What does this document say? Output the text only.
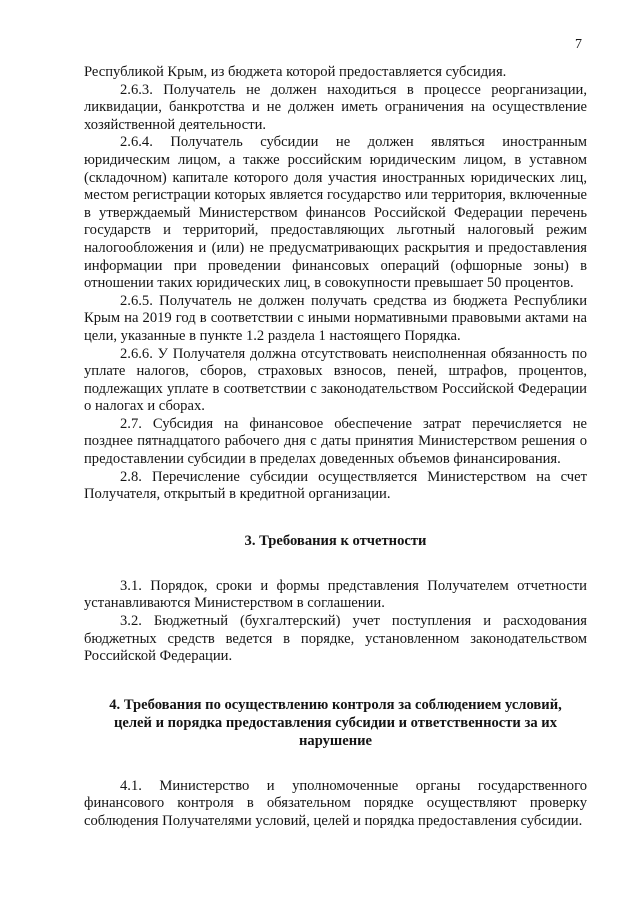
7

Республикой Крым, из бюджета которой предоставляется субсидия.

2.6.3. Получатель не должен находиться в процессе реорганизации, ликвидации, банкротства и не должен иметь ограничения на осуществление хозяйственной деятельности.

2.6.4. Получатель субсидии не должен являться иностранным юридическим лицом, а также российским юридическим лицом, в уставном (складочном) капитале которого доля участия иностранных юридических лиц, местом регистрации которых является государство или территория, включенные в утверждаемый Министерством финансов Российской Федерации перечень государств и территорий, предоставляющих льготный налоговый режим налогообложения и (или) не предусматривающих раскрытия и предоставления информации при проведении финансовых операций (офшорные зоны) в отношении таких юридических лиц, в совокупности превышает 50 процентов.

2.6.5. Получатель не должен получать средства из бюджета Республики Крым на 2019 год в соответствии с иными нормативными правовыми актами на цели, указанные в пункте 1.2 раздела 1 настоящего Порядка.

2.6.6. У Получателя должна отсутствовать неисполненная обязанность по уплате налогов, сборов, страховых взносов, пеней, штрафов, процентов, подлежащих уплате в соответствии с законодательством Российской Федерации о налогах и сборах.

2.7. Субсидия на финансовое обеспечение затрат перечисляется не позднее пятнадцатого рабочего дня с даты принятия Министерством решения о предоставлении субсидии в пределах доведенных объемов финансирования.

2.8. Перечисление субсидии осуществляется Министерством на счет Получателя, открытый в кредитной организации.

3. Требования к отчетности

3.1. Порядок, сроки и формы представления Получателем отчетности устанавливаются Министерством в соглашении.

3.2. Бюджетный (бухгалтерский) учет поступления и расходования бюджетных средств ведется в порядке, установленном законодательством Российской Федерации.

4. Требования по осуществлению контроля за соблюдением условий, целей и порядка предоставления субсидии и ответственности за их нарушение

4.1. Министерство и уполномоченные органы государственного финансового контроля в обязательном порядке осуществляют проверку соблюдения Получателями условий, целей и порядка предоставления субсидии.
